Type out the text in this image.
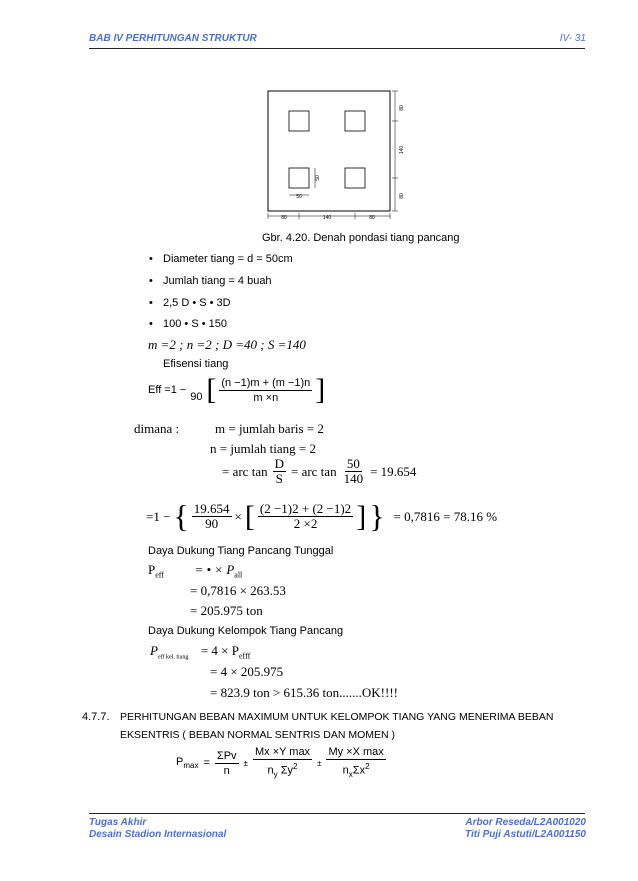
BAB IV PERHITUNGAN STRUKTUR	IV- 31
80
140
80
80	140	80
50
50
Gbr. 4.20. Denah pondasi tiang pancang
• Diameter tiang = d = 50cm
• Jumlah tiang = 4 buah
• 2,5 D • S • 3D
• 100 • S • 150
m =2 ; n =2 ; D =40 ; S =140
Efisensi tiang
Eff =1 −

90 [ $\frac{(n -1)m + (m -1)n}{m \times n}$ ]
dimana :	m = jumlah baris = 2
n = jumlah tiang = 2
= arc $\tan \frac{D}{S}$ = arc $\tan \frac{50}{140} = 19.654$
=1 − { $\frac{19.654}{90}$ × [ $\frac{(2 -1)2 + (2 -1)2}{2 \times 2}$ ] } = 0,7816 = 78.16 %
Daya Dukung Tiang Pancang Tunggal
$P_{eff}$ = • × $P_{all}$
= 0,7816 × 263.53
= 205.975 ton
Daya Dukung Kelompok Tiang Pancang
$P_{eff kel. tiang} = 4 \times P_{efff}$
= 4 × 205.975
= 823.9 ton > 615.36 ton.......OK!!!!
4.7.7. PERHITUNGAN BEBAN MAXIMUM UNTUK KELOMPOK TIANG YANG MENERIMA BEBAN
EKSENTRIS ( BEBAN NORMAL SENTRIS DAN MOMEN )
$P_{max} = \frac{\text{ΣPv}}{n} \pm \frac{\text{Mx ×Y max}}{n_y \Sigma y^2} \pm \frac{\text{My ×X max}}{n_x\Sigma x^2}$
Tugas Akhir
Desain Stadion Internasional
Arbor Reseda/L2A001020
Titi Puji Astuti/L2A001150
